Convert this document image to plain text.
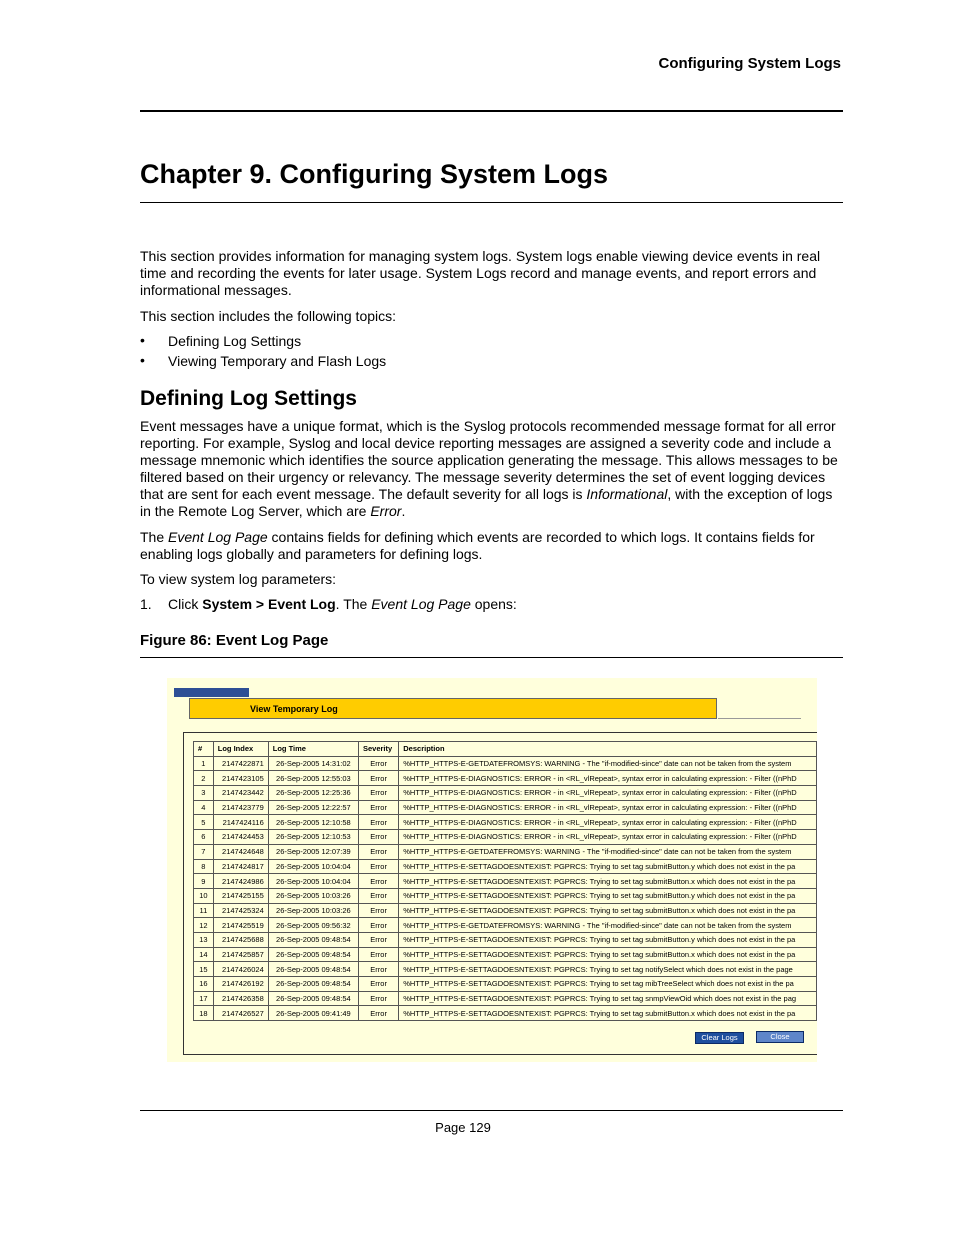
Configuring System Logs
Chapter 9. Configuring System Logs

This section provides information for managing system logs. System logs enable viewing device events in real time and recording the events for later usage. System Logs record and manage events, and report errors and informational messages.

This section includes the following topics:

• Defining Log Settings
• Viewing Temporary and Flash Logs
Defining Log Settings

Event messages have a unique format, which is the Syslog protocols recommended message format for all error reporting. For example, Syslog and local device reporting messages are assigned a severity code and include a message mnemonic which identifies the source application generating the message. This allows messages to be filtered based on their urgency or relevancy. The message severity determines the set of event logging devices that are sent for each event message. The default severity for all logs is Informational, with the exception of logs in the Remote Log Server, which are Error.

The Event Log Page contains fields for defining which events are recorded to which logs. It contains fields for enabling logs globally and parameters for defining logs.

To view system log parameters:

1. Click System > Event Log. The Event Log Page opens:
Figure 86: Event Log Page
View Temporary Log
#	Log Index	Log Time	Severity	Description
1	2147422871	26-Sep-2005 14:31:02	Error	%HTTP_HTTPS-E-GETDATEFROMSYS: WARNING - The "if-modified-since" date can not be taken from the system
2	2147423105	26-Sep-2005 12:55:03	Error	%HTTP_HTTPS-E-DIAGNOSTICS: ERROR - in <RL_vlRepeat>, syntax error in calculating expression: - Filter ((nPhD
3	2147423442	26-Sep-2005 12:25:36	Error	%HTTP_HTTPS-E-DIAGNOSTICS: ERROR - in <RL_vlRepeat>, syntax error in calculating expression: - Filter ((nPhD
4	2147423779	26-Sep-2005 12:22:57	Error	%HTTP_HTTPS-E-DIAGNOSTICS: ERROR - in <RL_vlRepeat>, syntax error in calculating expression: - Filter ((nPhD
5	2147424116	26-Sep-2005 12:10:58	Error	%HTTP_HTTPS-E-DIAGNOSTICS: ERROR - in <RL_vlRepeat>, syntax error in calculating expression: - Filter ((nPhD
6	2147424453	26-Sep-2005 12:10:53	Error	%HTTP_HTTPS-E-DIAGNOSTICS: ERROR - in <RL_vlRepeat>, syntax error in calculating expression: - Filter ((nPhD
7	2147424648	26-Sep-2005 12:07:39	Error	%HTTP_HTTPS-E-GETDATEFROMSYS: WARNING - The "if-modified-since" date can not be taken from the system
8	2147424817	26-Sep-2005 10:04:04	Error	%HTTP_HTTPS-E-SETTAGDOESNTEXIST: PGPRCS: Trying to set tag submitButton.y which does not exist in the pa
9	2147424986	26-Sep-2005 10:04:04	Error	%HTTP_HTTPS-E-SETTAGDOESNTEXIST: PGPRCS: Trying to set tag submitButton.x which does not exist in the pa
10	2147425155	26-Sep-2005 10:03:26	Error	%HTTP_HTTPS-E-SETTAGDOESNTEXIST: PGPRCS: Trying to set tag submitButton.y which does not exist in the pa
11	2147425324	26-Sep-2005 10:03:26	Error	%HTTP_HTTPS-E-SETTAGDOESNTEXIST: PGPRCS: Trying to set tag submitButton.x which does not exist in the pa
12	2147425519	26-Sep-2005 09:56:32	Error	%HTTP_HTTPS-E-GETDATEFROMSYS: WARNING - The "if-modified-since" date can not be taken from the system
13	2147425688	26-Sep-2005 09:48:54	Error	%HTTP_HTTPS-E-SETTAGDOESNTEXIST: PGPRCS: Trying to set tag submitButton.y which does not exist in the pa
14	2147425857	26-Sep-2005 09:48:54	Error	%HTTP_HTTPS-E-SETTAGDOESNTEXIST: PGPRCS: Trying to set tag submitButton.x which does not exist in the pa
15	2147426024	26-Sep-2005 09:48:54	Error	%HTTP_HTTPS-E-SETTAGDOESNTEXIST: PGPRCS: Trying to set tag notifySelect which does not exist in the page
16	2147426192	26-Sep-2005 09:48:54	Error	%HTTP_HTTPS-E-SETTAGDOESNTEXIST: PGPRCS: Trying to set tag mibTreeSelect which does not exist in the pa
17	2147426358	26-Sep-2005 09:48:54	Error	%HTTP_HTTPS-E-SETTAGDOESNTEXIST: PGPRCS: Trying to set tag snmpViewOid which does not exist in the pag
18	2147426527	26-Sep-2005 09:41:49	Error	%HTTP_HTTPS-E-SETTAGDOESNTEXIST: PGPRCS: Trying to set tag submitButton.x which does not exist in the pa
Clear Logs	Close
Page 129
